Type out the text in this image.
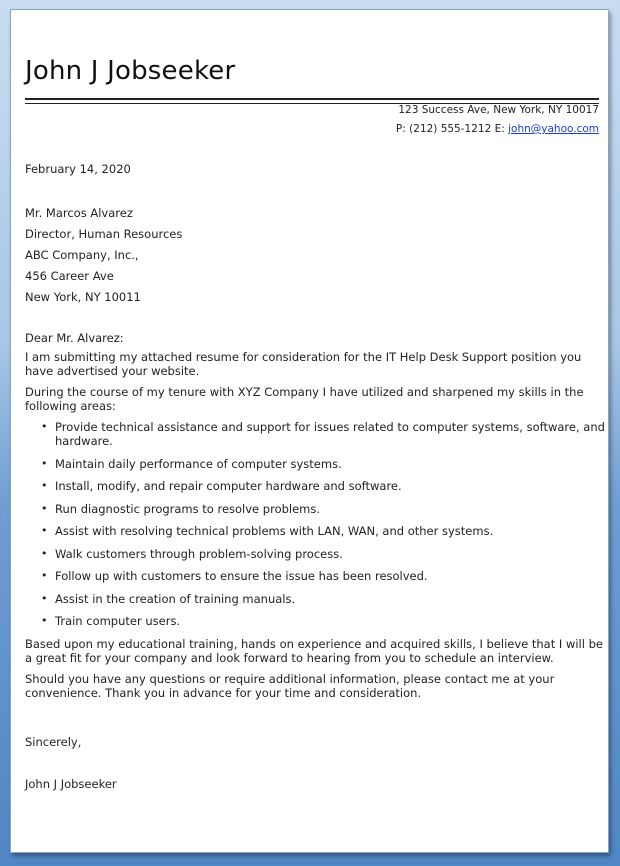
John J Jobseeker
123 Success Ave, New York, NY 10017
P: (212) 555-1212 E: john@yahoo.com
February 14, 2020
Mr. Marcos Alvarez
Director, Human Resources
ABC Company, Inc.,
456 Career Ave
New York, NY 10011
Dear Mr. Alvarez:

I am submitting my attached resume for consideration for the IT Help Desk Support position you have advertised your website.

During the course of my tenure with XYZ Company I have utilized and sharpened my skills in the following areas:

• Provide technical assistance and support for issues related to computer systems, software, and hardware.
• Maintain daily performance of computer systems.
• Install, modify, and repair computer hardware and software.
• Run diagnostic programs to resolve problems.
• Assist with resolving technical problems with LAN, WAN, and other systems.
• Walk customers through problem-solving process.
• Follow up with customers to ensure the issue has been resolved.
• Assist in the creation of training manuals.
• Train computer users.

Based upon my educational training, hands on experience and acquired skills, I believe that I will be a great fit for your company and look forward to hearing from you to schedule an interview.

Should you have any questions or require additional information, please contact me at your convenience. Thank you in advance for your time and consideration.

Sincerely,
John J Jobseeker
